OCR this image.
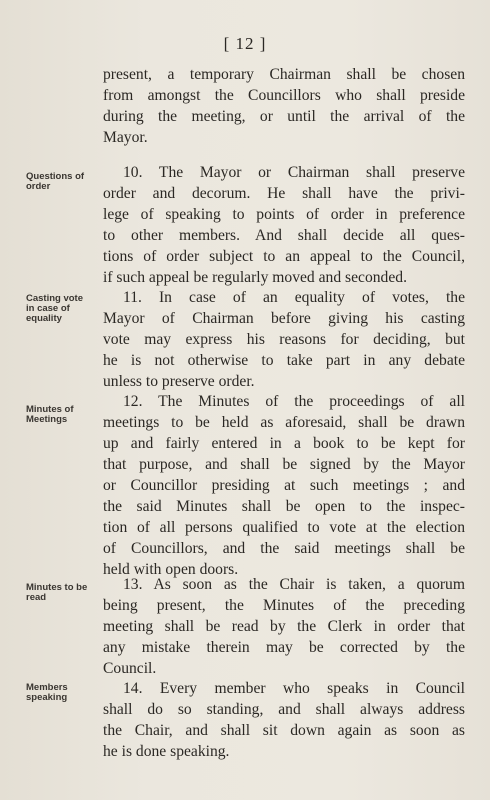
[ 12 ]
present, a temporary Chairman shall be chosen
from amongst the Councillors who shall preside
during the meeting, or until the arrival of the
Mayor.
Questions of
order
10. The Mayor or Chairman shall preserve
order and decorum. He shall have the privi-
lege of speaking to points of order in preference
to other members. And shall decide all ques-
tions of order subject to an appeal to the Council,
if such appeal be regularly moved and seconded.
Casting vote
in case of
equality
11. In case of an equality of votes, the
Mayor of Chairman before giving his casting
vote may express his reasons for deciding, but
he is not otherwise to take part in any debate
unless to preserve order.
Minutes of
Meetings
12. The Minutes of the proceedings of all
meetings to be held as aforesaid, shall be drawn
up and fairly entered in a book to be kept for
that purpose, and shall be signed by the Mayor
or Councillor presiding at such meetings ; and
the said Minutes shall be open to the inspec-
tion of all persons qualified to vote at the election
of Councillors, and the said meetings shall be
held with open doors.
Minutes to be
read
13. As soon as the Chair is taken, a quorum
being present, the Minutes of the preceding
meeting shall be read by the Clerk in order that
any mistake therein may be corrected by the
Council.
Members
speaking
14. Every member who speaks in Council
shall do so standing, and shall always address
the Chair, and shall sit down again as soon as
he is done speaking.
